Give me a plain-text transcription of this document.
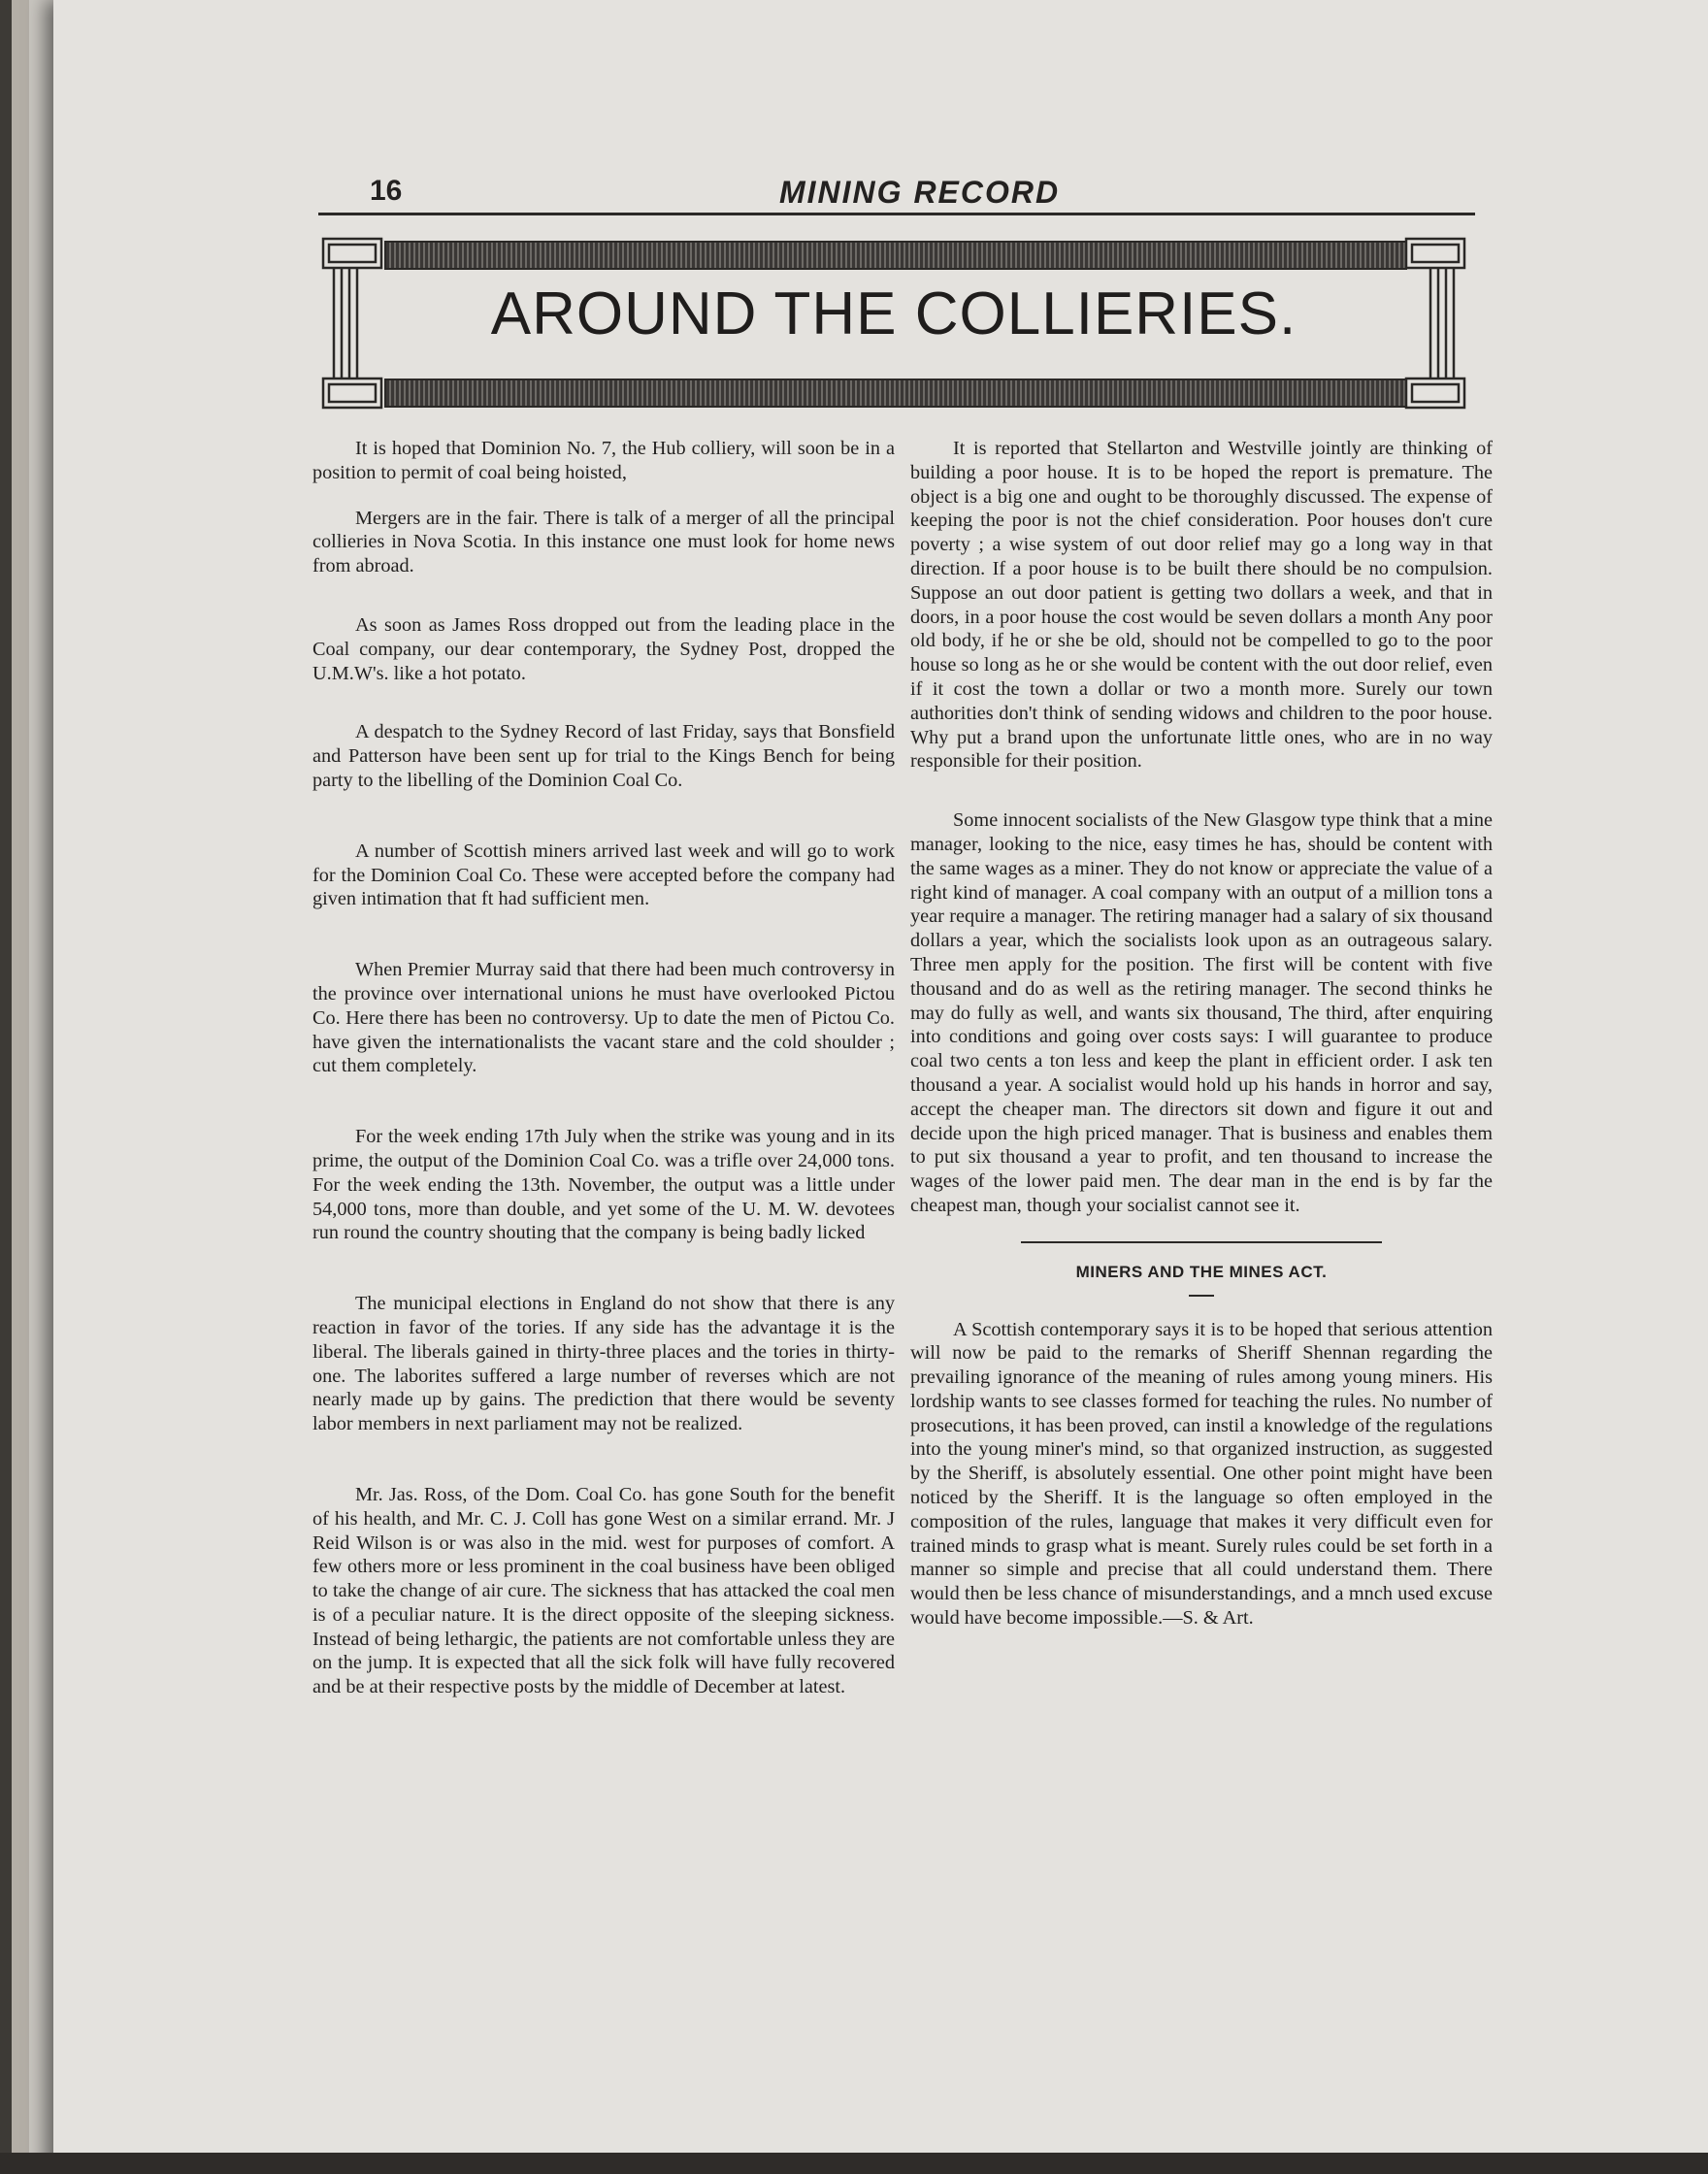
16	MINING RECORD
AROUND THE COLLIERIES.

It is hoped that Dominion No. 7, the Hub colliery, will soon be in a position to permit of coal being hoisted,

Mergers are in the fair. There is talk of a merger of all the principal collieries in Nova Scotia. In this instance one must look for home news from abroad.

As soon as James Ross dropped out from the leading place in the Coal company, our dear contemporary, the Sydney Post, dropped the U.M.W's. like a hot potato.

A despatch to the Sydney Record of last Friday, says that Bonsfield and Patterson have been sent up for trial to the Kings Bench for being party to the libelling of the Dominion Coal Co.

A number of Scottish miners arrived last week and will go to work for the Dominion Coal Co. These were accepted before the company had given intimation that ft had sufficient men.

When Premier Murray said that there had been much controversy in the province over international unions he must have overlooked Pictou Co. Here there has been no controversy. Up to date the men of Pictou Co. have given the internationalists the vacant stare and the cold shoulder ; cut them completely.

For the week ending 17th July when the strike was young and in its prime, the output of the Dominion Coal Co. was a trifle over 24,000 tons. For the week ending the 13th. November, the output was a little under 54,000 tons, more than double, and yet some of the U. M. W. devotees run round the country shouting that the company is being badly licked

The municipal elections in England do not show that there is any reaction in favor of the tories. If any side has the advantage it is the liberal. The liberals gained in thirty-three places and the tories in thirty-one. The laborites suffered a large number of reverses which are not nearly made up by gains. The prediction that there would be seventy labor members in next parliament may not be realized.

Mr. Jas. Ross, of the Dom. Coal Co. has gone South for the benefit of his health, and Mr. C. J. Coll has gone West on a similar errand. Mr. J Reid Wilson is or was also in the mid. west for purposes of comfort. A few others more or less prominent in the coal business have been obliged to take the change of air cure. The sickness that has attacked the coal men is of a peculiar nature. It is the direct opposite of the sleeping sickness. Instead of being lethargic, the patients are not comfortable unless they are on the jump. It is expected that all the sick folk will have fully recovered and be at their respective posts by the middle of December at latest.

It is reported that Stellarton and Westville jointly are thinking of building a poor house. It is to be hoped the report is premature. The object is a big one and ought to be thoroughly discussed. The expense of keeping the poor is not the chief consideration. Poor houses don't cure poverty ; a wise system of out door relief may go a long way in that direction. If a poor house is to be built there should be no compulsion. Suppose an out door patient is getting two dollars a week, and that in doors, in a poor house the cost would be seven dollars a month Any poor old body, if he or she be old, should not be compelled to go to the poor house so long as he or she would be content with the out door relief, even if it cost the town a dollar or two a month more. Surely our town authorities don't think of sending widows and children to the poor house. Why put a brand upon the unfortunate little ones, who are in no way responsible for their position.

Some innocent socialists of the New Glasgow type think that a mine manager, looking to the nice, easy times he has, should be content with the same wages as a miner. They do not know or appreciate the value of a right kind of manager. A coal company with an output of a million tons a year require a manager. The retiring manager had a salary of six thousand dollars a year, which the socialists look upon as an outrageous salary. Three men apply for the position. The first will be content with five thousand and do as well as the retiring manager. The second thinks he may do fully as well, and wants six thousand, The third, after enquiring into conditions and going over costs says: I will guarantee to produce coal two cents a ton less and keep the plant in efficient order. I ask ten thousand a year. A socialist would hold up his hands in horror and say, accept the cheaper man. The directors sit down and figure it out and decide upon the high priced manager. That is business and enables them to put six thousand a year to profit, and ten thousand to increase the wages of the lower paid men. The dear man in the end is by far the cheapest man, though your socialist cannot see it.

MINERS AND THE MINES ACT.

A Scottish contemporary says it is to be hoped that serious attention will now be paid to the remarks of Sheriff Shennan regarding the prevailing ignorance of the meaning of rules among young miners. His lordship wants to see classes formed for teaching the rules. No number of prosecutions, it has been proved, can instil a knowledge of the regulations into the young miner's mind, so that organized instruction, as suggested by the Sheriff, is absolutely essential. One other point might have been noticed by the Sheriff. It is the language so often employed in the composition of the rules, language that makes it very difficult even for trained minds to grasp what is meant. Surely rules could be set forth in a manner so simple and precise that all could understand them. There would then be less chance of misunderstandings, and a mnch used excuse would have become impossible.—S. & Art.
